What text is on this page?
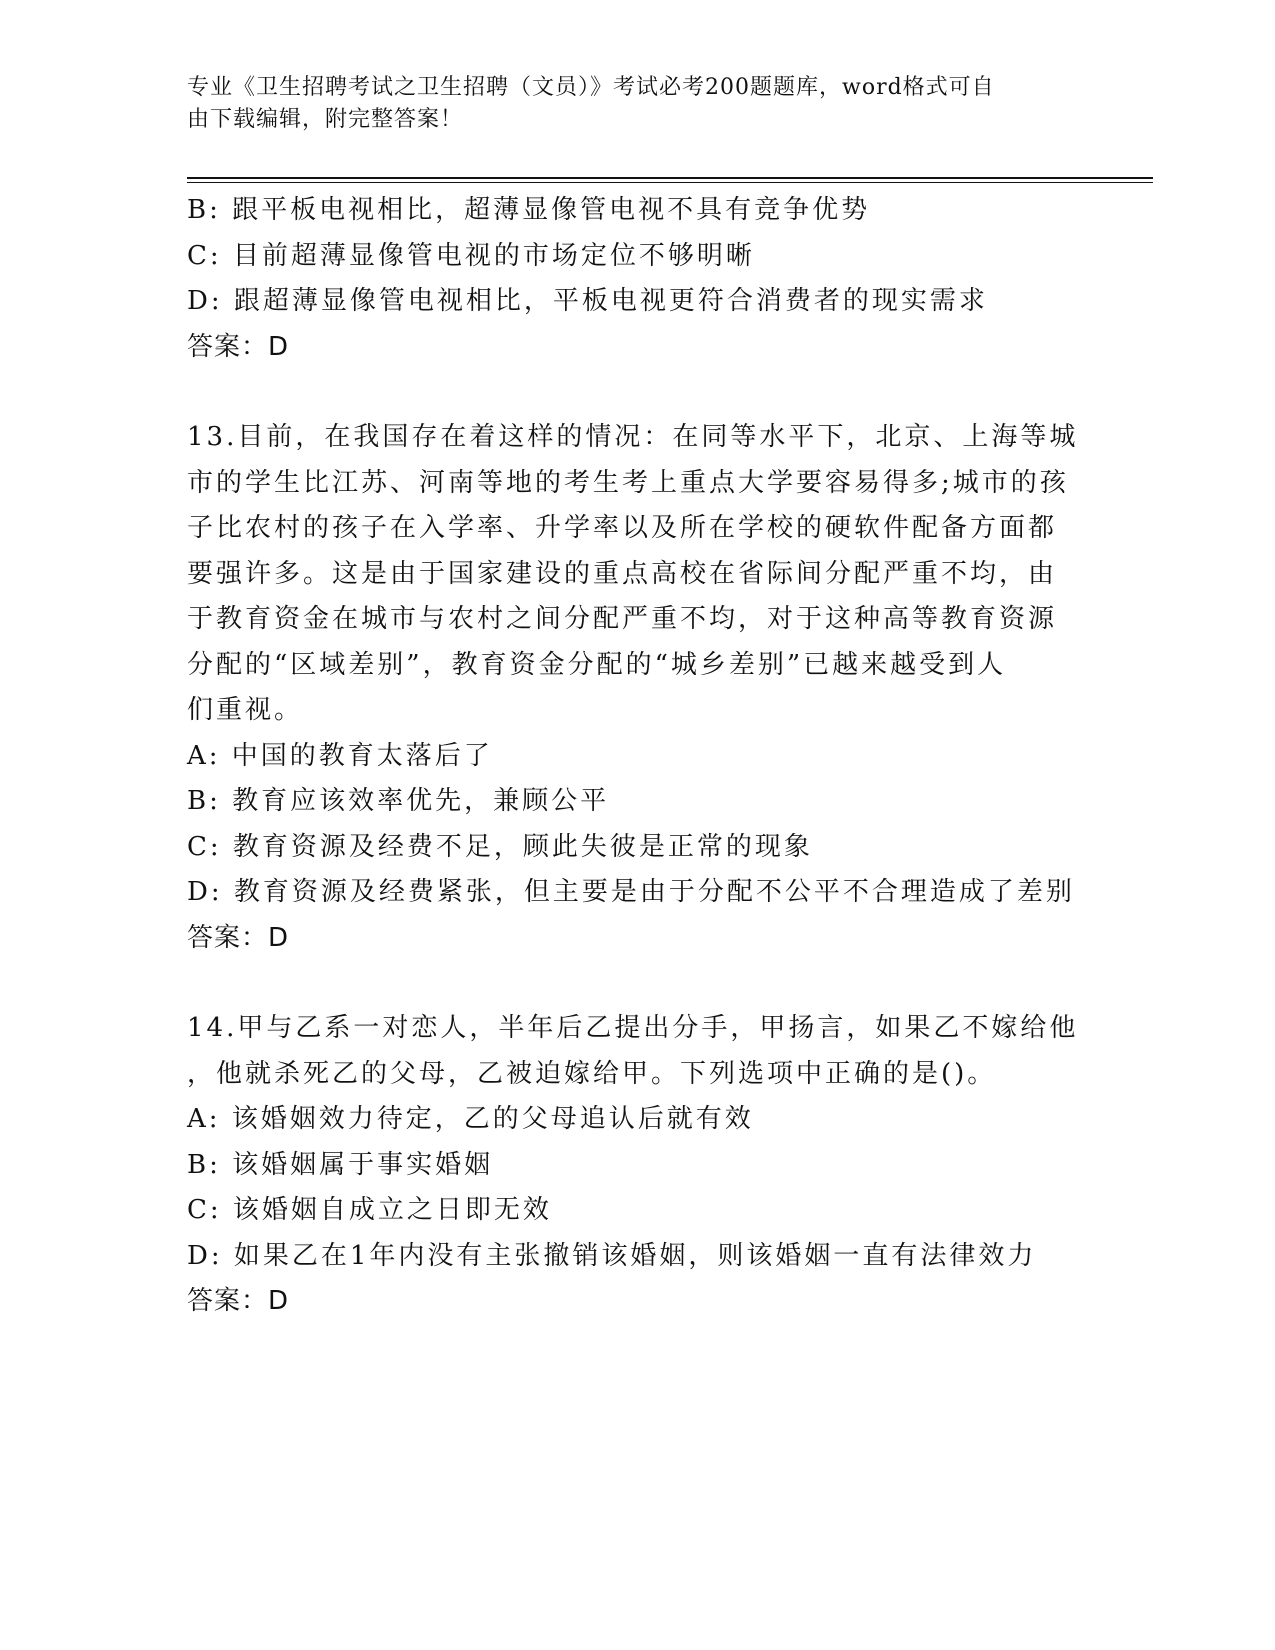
专业《卫生招聘考试之卫生招聘（文员）》考试必考200题题库，word格式可自
由下载编辑，附完整答案！
B: 跟平板电视相比，超薄显像管电视不具有竞争优势
C: 目前超薄显像管电视的市场定位不够明晰
D: 跟超薄显像管电视相比，平板电视更符合消费者的现实需求
答案：D
13.目前，在我国存在着这样的情况：在同等水平下，北京、上海等城
市的学生比江苏、河南等地的考生考上重点大学要容易得多;城市的孩
子比农村的孩子在入学率、升学率以及所在学校的硬软件配备方面都
要强许多。这是由于国家建设的重点高校在省际间分配严重不均，由
于教育资金在城市与农村之间分配严重不均，对于这种高等教育资源
分配的“区域差别”，教育资金分配的“城乡差别”已越来越受到人
们重视。
A: 中国的教育太落后了
B: 教育应该效率优先，兼顾公平
C: 教育资源及经费不足，顾此失彼是正常的现象
D: 教育资源及经费紧张，但主要是由于分配不公平不合理造成了差别
答案：D
14.甲与乙系一对恋人，半年后乙提出分手，甲扬言，如果乙不嫁给他
，他就杀死乙的父母，乙被迫嫁给甲。下列选项中正确的是()。
A: 该婚姻效力待定，乙的父母追认后就有效
B: 该婚姻属于事实婚姻
C: 该婚姻自成立之日即无效
D: 如果乙在1年内没有主张撤销该婚姻，则该婚姻一直有法律效力
答案：D
